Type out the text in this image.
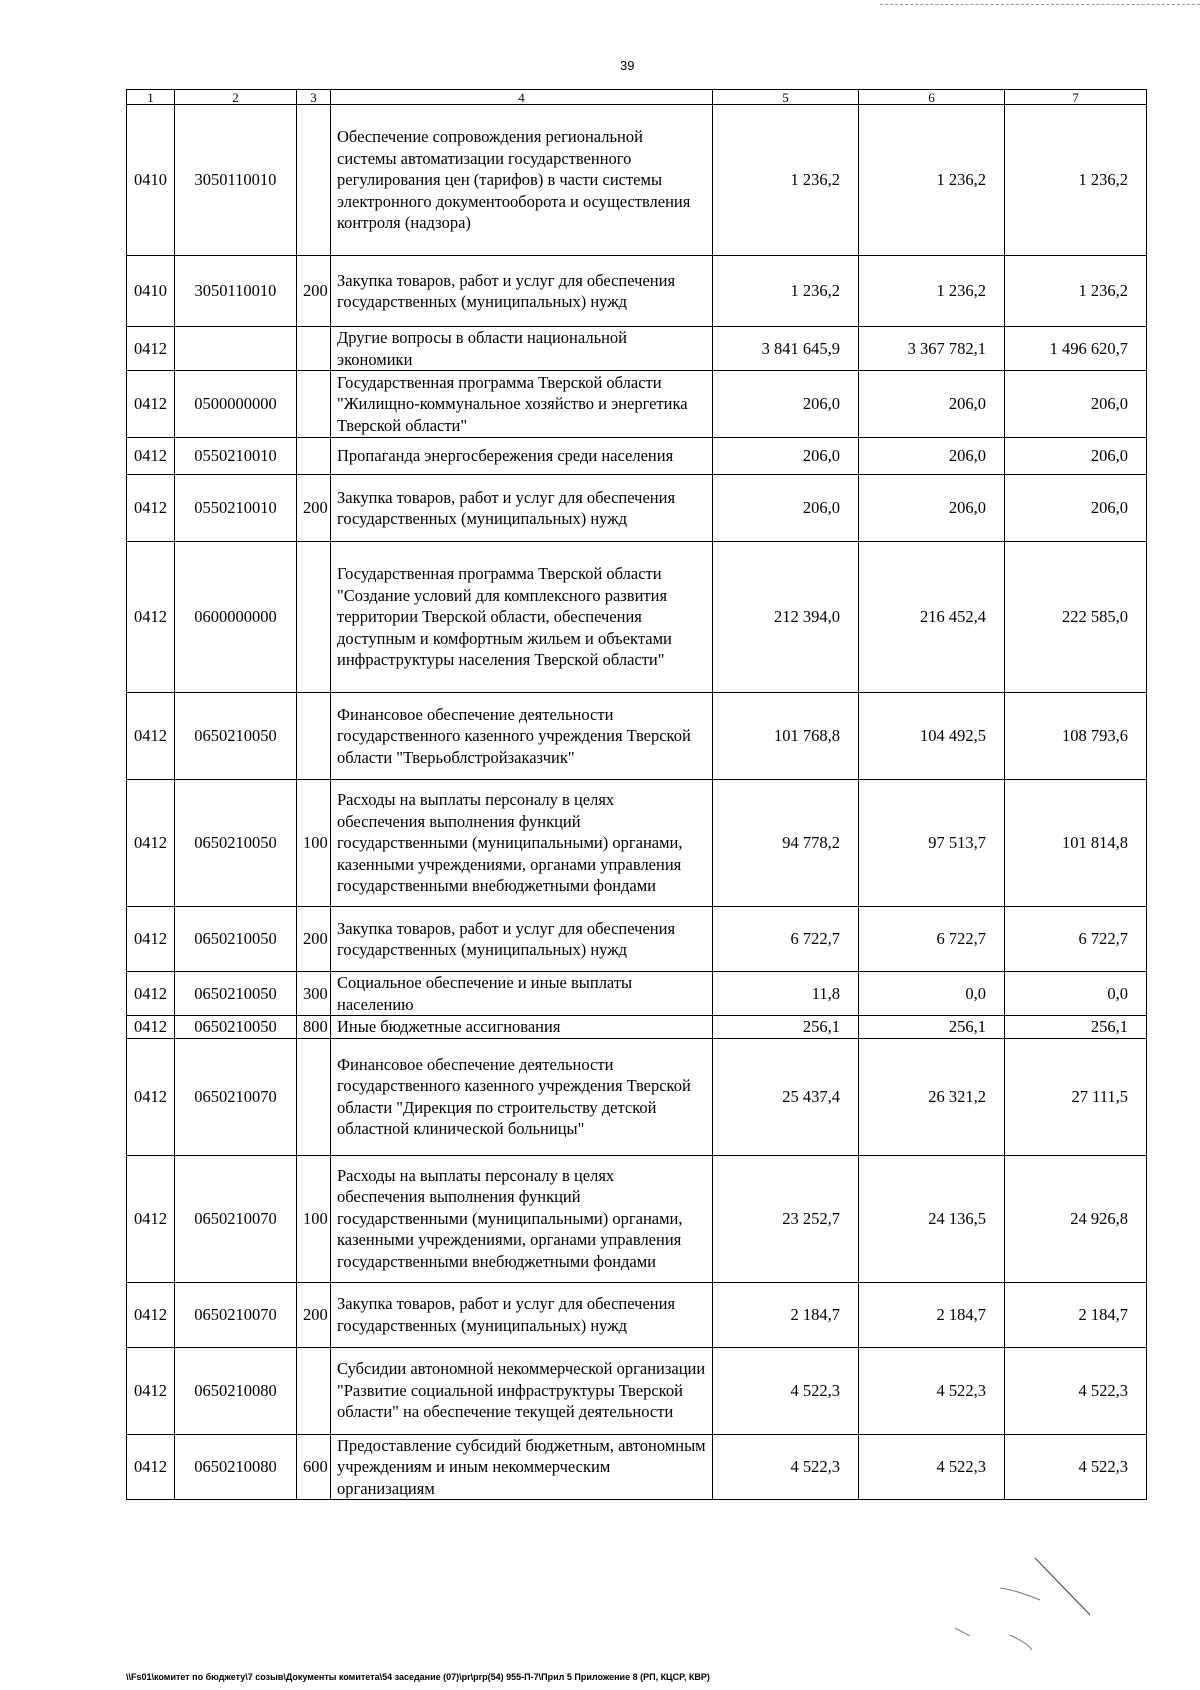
39
1	2	3	4	5	6	7
0410	3050110010		Обеспечение сопровождения региональной системы автоматизации государственного регулирования цен (тарифов) в части системы электронного документооборота и осуществления контроля (надзора)	1 236,2	1 236,2	1 236,2
0410	3050110010	200	Закупка товаров, работ и услуг для обеспечения государственных (муниципальных) нужд	1 236,2	1 236,2	1 236,2
0412			Другие вопросы в области национальной экономики	3 841 645,9	3 367 782,1	1 496 620,7
0412	0500000000		Государственная программа Тверской области "Жилищно-коммунальное хозяйство и энергетика Тверской области"	206,0	206,0	206,0
0412	0550210010		Пропаганда энергосбережения среди населения	206,0	206,0	206,0
0412	0550210010	200	Закупка товаров, работ и услуг для обеспечения государственных (муниципальных) нужд	206,0	206,0	206,0
0412	0600000000		Государственная программа Тверской области "Создание условий для комплексного развития территории Тверской области, обеспечения доступным и комфортным жильем и объектами инфраструктуры населения Тверской области"	212 394,0	216 452,4	222 585,0
0412	0650210050		Финансовое обеспечение деятельности государственного казенного учреждения Тверской области "Тверьоблстройзаказчик"	101 768,8	104 492,5	108 793,6
0412	0650210050	100	Расходы на выплаты персоналу в целях обеспечения выполнения функций государственными (муниципальными) органами, казенными учреждениями, органами управления государственными внебюджетными фондами	94 778,2	97 513,7	101 814,8
0412	0650210050	200	Закупка товаров, работ и услуг для обеспечения государственных (муниципальных) нужд	6 722,7	6 722,7	6 722,7
0412	0650210050	300	Социальное обеспечение и иные выплаты населению	11,8	0,0	0,0
0412	0650210050	800	Иные бюджетные ассигнования	256,1	256,1	256,1
0412	0650210070		Финансовое обеспечение деятельности государственного казенного учреждения Тверской области "Дирекция по строительству детской областной клинической больницы"	25 437,4	26 321,2	27 111,5
0412	0650210070	100	Расходы на выплаты персоналу в целях обеспечения выполнения функций государственными (муниципальными) органами, казенными учреждениями, органами управления государственными внебюджетными фондами	23 252,7	24 136,5	24 926,8
0412	0650210070	200	Закупка товаров, работ и услуг для обеспечения государственных (муниципальных) нужд	2 184,7	2 184,7	2 184,7
0412	0650210080		Субсидии автономной некоммерческой организации "Развитие социальной инфраструктуры Тверской области" на обеспечение текущей деятельности	4 522,3	4 522,3	4 522,3
0412	0650210080	600	Предоставление субсидий бюджетным, автономным учреждениям и иным некоммерческим организациям	4 522,3	4 522,3	4 522,3
\\Fs01\комитет по бюджету\7 созыв\Документы комитета\54 заседание (07)\pr\prp(54) 955-П-7\Прил 5 Приложение 8 (РП, КЦСР, КВР)
